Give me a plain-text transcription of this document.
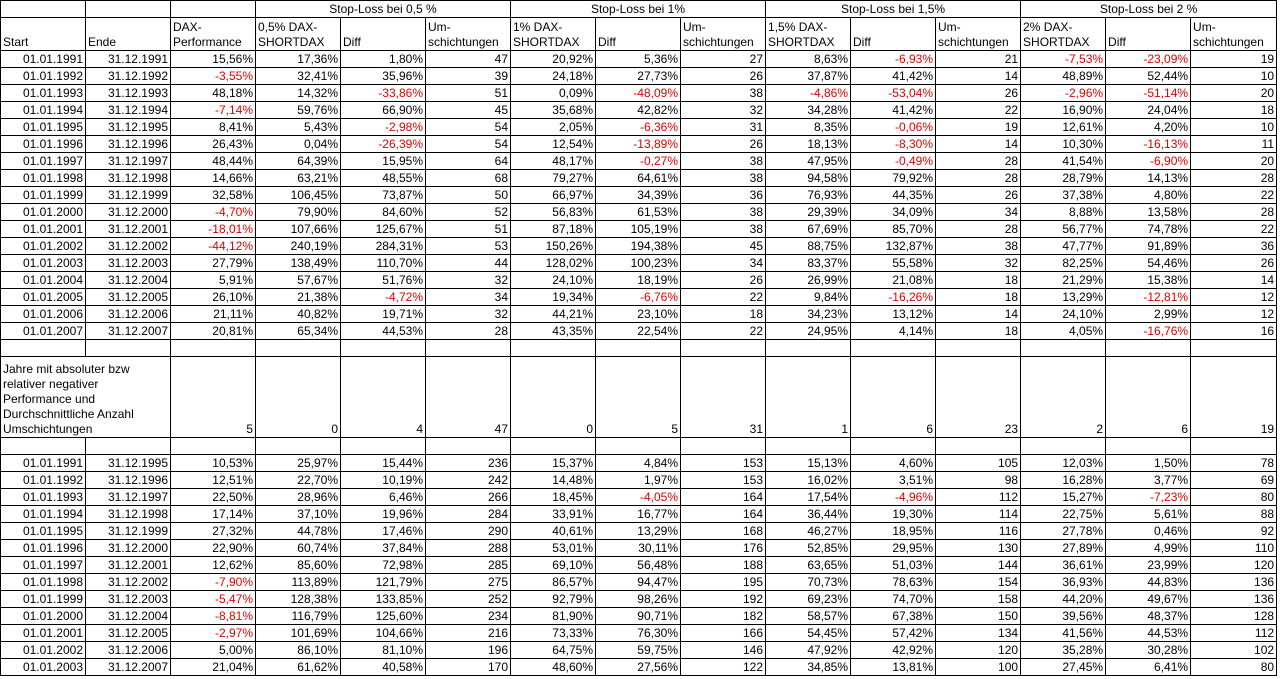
			Stop-Loss bei 0,5 %			Stop-Loss bei 1%			Stop-Loss bei 1,5%			Stop-Loss bei 2 %		
Start	Ende	DAX-Performance	0,5% DAX-SHORTDAX	Diff	Um-schichtungen	1% DAX-SHORTDAX	Diff	Um-schichtungen	1,5% DAX-SHORTDAX	Diff	Um-schichtungen	2% DAX-SHORTDAX	Diff	Um-schichtungen
01.01.1991	31.12.1991	15,56%	17,36%	1,80%	47	20,92%	5,36%	27	8,63%	-6,93%	21	-7,53%	-23,09%	19
01.01.1992	31.12.1992	-3,55%	32,41%	35,96%	39	24,18%	27,73%	26	37,87%	41,42%	14	48,89%	52,44%	10
01.01.1993	31.12.1993	48,18%	14,32%	-33,86%	51	0,09%	-48,09%	38	-4,86%	-53,04%	26	-2,96%	-51,14%	20
01.01.1994	31.12.1994	-7,14%	59,76%	66,90%	45	35,68%	42,82%	32	34,28%	41,42%	22	16,90%	24,04%	18
01.01.1995	31.12.1995	8,41%	5,43%	-2,98%	54	2,05%	-6,36%	31	8,35%	-0,06%	19	12,61%	4,20%	10
01.01.1996	31.12.1996	26,43%	0,04%	-26,39%	54	12,54%	-13,89%	26	18,13%	-8,30%	14	10,30%	-16,13%	11
01.01.1997	31.12.1997	48,44%	64,39%	15,95%	64	48,17%	-0,27%	38	47,95%	-0,49%	28	41,54%	-6,90%	20
01.01.1998	31.12.1998	14,66%	63,21%	48,55%	68	79,27%	64,61%	38	94,58%	79,92%	28	28,79%	14,13%	28
01.01.1999	31.12.1999	32,58%	106,45%	73,87%	50	66,97%	34,39%	36	76,93%	44,35%	26	37,38%	4,80%	22
01.01.2000	31.12.2000	-4,70%	79,90%	84,60%	52	56,83%	61,53%	38	29,39%	34,09%	34	8,88%	13,58%	28
01.01.2001	31.12.2001	-18,01%	107,66%	125,67%	51	87,18%	105,19%	38	67,69%	85,70%	28	56,77%	74,78%	22
01.01.2002	31.12.2002	-44,12%	240,19%	284,31%	53	150,26%	194,38%	45	88,75%	132,87%	38	47,77%	91,89%	36
01.01.2003	31.12.2003	27,79%	138,49%	110,70%	44	128,02%	100,23%	34	83,37%	55,58%	32	82,25%	54,46%	26
01.01.2004	31.12.2004	5,91%	57,67%	51,76%	32	24,10%	18,19%	26	26,99%	21,08%	18	21,29%	15,38%	14
01.01.2005	31.12.2005	26,10%	21,38%	-4,72%	34	19,34%	-6,76%	22	9,84%	-16,26%	18	13,29%	-12,81%	12
01.01.2006	31.12.2006	21,11%	40,82%	19,71%	32	44,21%	23,10%	18	34,23%	13,12%	14	24,10%	2,99%	12
01.01.2007	31.12.2007	20,81%	65,34%	44,53%	28	43,35%	22,54%	22	24,95%	4,14%	18	4,05%	-16,76%	16

Jahre mit absoluter bzw relativer negativer Performance und Durchschnittliche Anzahl Umschichtungen		5	0	4	47	0	5	31	1	6	23	2	6	19

01.01.1991	31.12.1995	10,53%	25,97%	15,44%	236	15,37%	4,84%	153	15,13%	4,60%	105	12,03%	1,50%	78
01.01.1992	31.12.1996	12,51%	22,70%	10,19%	242	14,48%	1,97%	153	16,02%	3,51%	98	16,28%	3,77%	69
01.01.1993	31.12.1997	22,50%	28,96%	6,46%	266	18,45%	-4,05%	164	17,54%	-4,96%	112	15,27%	-7,23%	80
01.01.1994	31.12.1998	17,14%	37,10%	19,96%	284	33,91%	16,77%	164	36,44%	19,30%	114	22,75%	5,61%	88
01.01.1995	31.12.1999	27,32%	44,78%	17,46%	290	40,61%	13,29%	168	46,27%	18,95%	116	27,78%	0,46%	92
01.01.1996	31.12.2000	22,90%	60,74%	37,84%	288	53,01%	30,11%	176	52,85%	29,95%	130	27,89%	4,99%	110
01.01.1997	31.12.2001	12,62%	85,60%	72,98%	285	69,10%	56,48%	188	63,65%	51,03%	144	36,61%	23,99%	120
01.01.1998	31.12.2002	-7,90%	113,89%	121,79%	275	86,57%	94,47%	195	70,73%	78,63%	154	36,93%	44,83%	136
01.01.1999	31.12.2003	-5,47%	128,38%	133,85%	252	92,79%	98,26%	192	69,23%	74,70%	158	44,20%	49,67%	136
01.01.2000	31.12.2004	-8,81%	116,79%	125,60%	234	81,90%	90,71%	182	58,57%	67,38%	150	39,56%	48,37%	128
01.01.2001	31.12.2005	-2,97%	101,69%	104,66%	216	73,33%	76,30%	166	54,45%	57,42%	134	41,56%	44,53%	112
01.01.2002	31.12.2006	5,00%	86,10%	81,10%	196	64,75%	59,75%	146	47,92%	42,92%	120	35,28%	30,28%	102
01.01.2003	31.12.2007	21,04%	61,62%	40,58%	170	48,60%	27,56%	122	34,85%	13,81%	100	27,45%	6,41%	80
